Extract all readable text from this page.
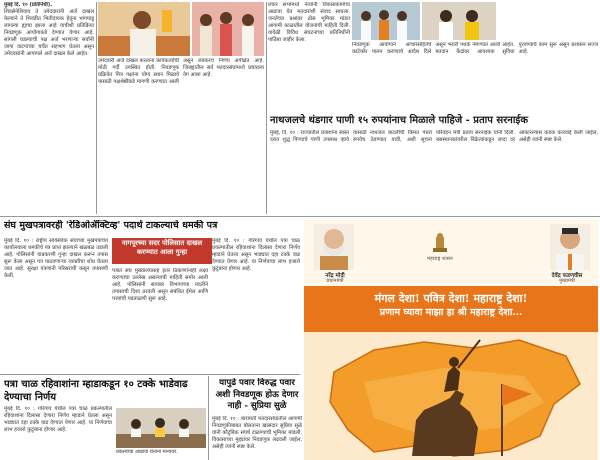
मुंबई दि. १० (प्रतिनिधी).
शिवसेनेशिवाय ते उमेदवारांनी अर्ज दाखल केल्याने ते भिवंडीत भितीदायक हेतूंना भागपाडू लागल्या ह्याचा झाला आहे याचीशी प्रतिक्रिया निवडणूक आयोगाकडे देण्यात येणार आहे. सांगली घडल्याची पक्ष अर्ज भरणाऱ्या सर्वांनी जागा वाटपाच्या चर्चेत सहभाग घेतला असून उमेदवारांनी आपापले अर्ज दाखल केले आहेत.
उमेदवारी अर्ज दाखल करताना कार्यकर्त्यांची मोठी गर्दी उपस्थित होती. निवडणूक प्रक्रियेत मित्र पक्षांना योग्य स्थान मिळावे यासाठी पक्षश्रेष्ठींकडे मागणी करण्यात आली असून लवकरच निर्णय अपेक्षित आहे. जिल्ह्यातील सर्व मतदारसंघांमध्ये प्रचाराला वेग आला आहे.
प्रचार सभांमध्ये नेत्यांनी विकासकामांचा आढावा घेत मतदारांशी संवाद साधला. जनतेच्या प्रश्नांवर ठोस भूमिका मांडत आगामी काळातील योजनांची माहिती दिली. यावेळी विविध संघटनांच्या प्रतिनिधींनी पाठिंबा जाहीर केला.
निवडणूक आयोगाने आचारसंहितेचे काटेकोर पालन करण्याचे आदेश दिले असून भरारी पथके नेमण्यात आली आहेत. मतदान केंद्रांवर आवश्यक सुविधा पुरवण्याचे काम सुरू असून प्रशासन सज्ज आहे.
नाथजलचे थंडगार पाणी १५ रुपयांनाच मिळाले पाहिजे - प्रताप सरनाईक
मुंबई, दि. १० : राज्यातील प्रवाशांना स्वस्त दरात शुद्ध पिण्याचे पाणी उपलब्ध व्हावे यासाठी नाथजल बाटलीची किंमत पंधरा रुपयेच ठेवण्यात यावी, अशी सूचना परिवहन मंत्री प्रताप सरनाईक यांनी दिली. बसस्थानकांवरील विक्रेत्यांकडून जादा दर आकारल्यास कडक कारवाई केली जाईल, असेही त्यांनी स्पष्ट केले.
संघ मुखपत्रावरही 'रेडिओॲक्टिव्ह' पदार्थ टाकल्याचे धमकी पत्र
मुंबई दि. १० : राष्ट्रीय स्वयंसेवक संघाच्या मुखपत्राच्या कार्यालयाला धमकीचे पत्र प्राप्त झाल्याने खळबळ उडाली आहे. पोलिसांनी याप्रकरणी गुन्हा दाखल करून तपास सुरू केला असून पत्र पाठवणाऱ्या व्यक्तीचा शोध घेतला जात आहे. सुरक्षा यंत्रणांनी परिसराची कसून तपासणी केली.
नागपूरच्या सदर पोलिसात दाखल करण्यात आला गुन्हा
पत्रात संघ मुख्यालयासह इतर ठिकाणांनाही लक्ष्य करण्याचा उल्लेख असल्याची माहिती समोर आली आहे. पोलिसांनी सायबर विभागाच्या मदतीने तपासाची दिशा ठरवली असून संबंधित ईमेल आणि पत्त्यांची पडताळणी सुरू आहे.
मुंबई दि. १० : गोरेगाव येथील पत्रा चाळ प्रकल्पातील रहिवाशांना दिलासा देणारा निर्णय म्हाडाने घेतला असून भाड्यात दहा टक्के वाढ देण्यात येणार आहे. या निर्णयाचा लाभ हजारो कुटुंबांना होणार आहे.
पत्रा चाळ रहिवाशांना म्हाडाकडून १० टक्के भाडेवाढ देण्याचा निर्णय
प्रकल्पाचा आढावा घेताना मान्यवर.
मुंबई दि. १० : गोरेगाव येथील पत्रा चाळ प्रकल्पातील रहिवाशांना दिलासा देणारा निर्णय म्हाडाने घेतला असून भाड्यात दहा टक्के वाढ देण्यात येणार आहे. या निर्णयाचा लाभ हजारो कुटुंबांना होणार आहे.
यापुढे पवार विरुद्ध पवार अशी निवडणूक होऊ देणार नाही - सुप्रिया सुळे
मुंबई दि. १० : बारामती मतदारसंघातील आगामी निवडणुकीबाबत बोलताना खासदार सुप्रिया सुळे यांनी कौटुंबिक संघर्ष टाळण्याची भूमिका मांडली. विकासाच्या मुद्द्यांवर निवडणूक लढवली जाईल, असेही त्यांनी स्पष्ट केले.
नरेंद्र मोदी
प्रधानमंत्री
महाराष्ट्र शासन
देवेंद्र फडणवीस
मुख्यमंत्री
मंगल देशा! पवित्र देशा! महाराष्ट्र देशा!
प्रणाम घ्यावा माझा हा श्री महाराष्ट्र देशा...
